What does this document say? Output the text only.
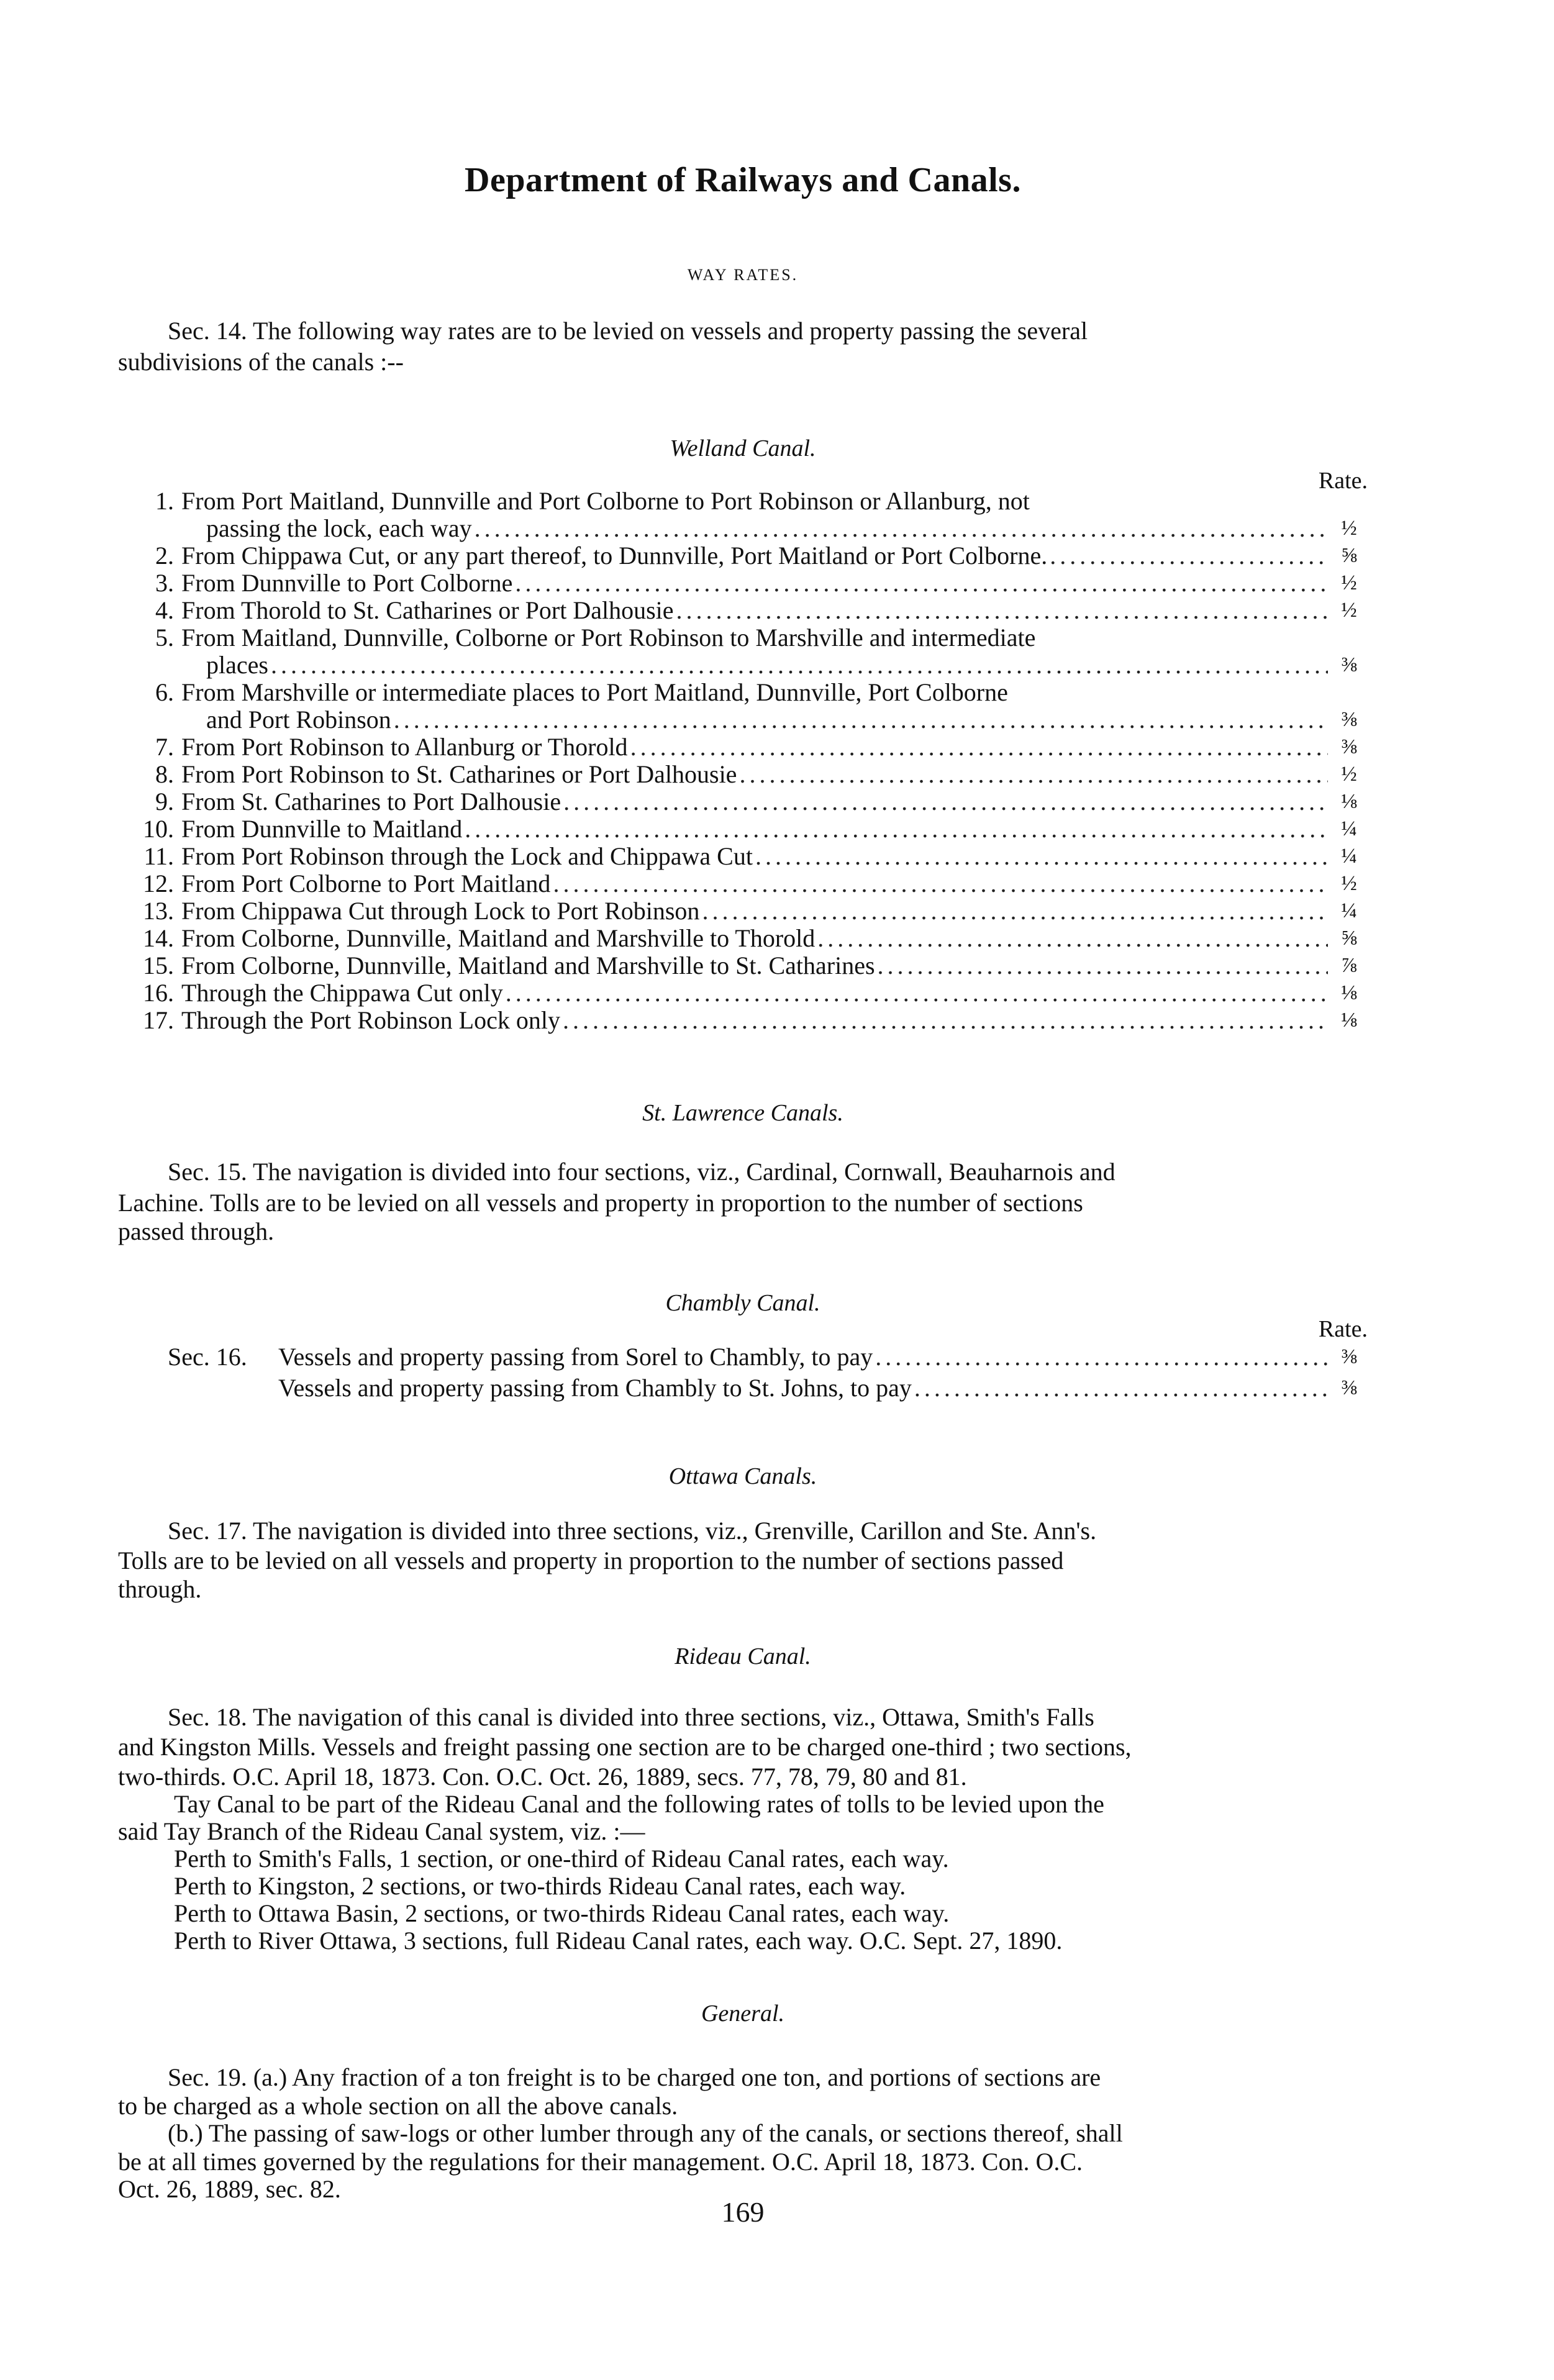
Department of Railways and Canals.
WAY RATES.
Sec. 14. The following way rates are to be levied on vessels and property passing the several
subdivisions of the canals :--
Welland Canal.
Rate.
1. From Port Maitland, Dunnville and Port Colborne to Port Robinson or Allanburg, not
passing the lock, each way .....	½
2. From Chippawa Cut, or any part thereof, to Dunnville, Port Maitland or Port Colborne. .....	⅝
3. From Dunnville to Port Colborne .....	½
4. From Thorold to St. Catharines or Port Dalhousie .....	½
5. From Maitland, Dunnville, Colborne or Port Robinson to Marshville and intermediate
places .....	⅜
6. From Marshville or intermediate places to Port Maitland, Dunnville, Port Colborne
and Port Robinson .....	⅜
7. From Port Robinson to Allanburg or Thorold .....	⅜
8. From Port Robinson to St. Catharines or Port Dalhousie .....	½
9. From St. Catharines to Port Dalhousie .....	⅛
10. From Dunnville to Maitland .....	¼
11. From Port Robinson through the Lock and Chippawa Cut .....	¼
12. From Port Colborne to Port Maitland .....	½
13. From Chippawa Cut through Lock to Port Robinson .....	¼
14. From Colborne, Dunnville, Maitland and Marshville to Thorold .....	⅝
15. From Colborne, Dunnville, Maitland and Marshville to St. Catharines .....	⅞
16. Through the Chippawa Cut only .....	⅛
17. Through the Port Robinson Lock only .....	⅛
St. Lawrence Canals.
Sec. 15. The navigation is divided into four sections, viz., Cardinal, Cornwall, Beauharnois and
Lachine. Tolls are to be levied on all vessels and property in proportion to the number of sections
passed through.
Chambly Canal.
Rate.
Sec. 16.	Vessels and property passing from Sorel to Chambly, to pay .....	⅜
Vessels and property passing from Chambly to St. Johns, to pay .....	⅜
Ottawa Canals.
Sec. 17. The navigation is divided into three sections, viz., Grenville, Carillon and Ste. Ann's.
Tolls are to be levied on all vessels and property in proportion to the number of sections passed
through.
Rideau Canal.
Sec. 18. The navigation of this canal is divided into three sections, viz., Ottawa, Smith's Falls
and Kingston Mills. Vessels and freight passing one section are to be charged one-third ; two sections,
two-thirds. O.C. April 18, 1873. Con. O.C. Oct. 26, 1889, secs. 77, 78, 79, 80 and 81.
Tay Canal to be part of the Rideau Canal and the following rates of tolls to be levied upon the
said Tay Branch of the Rideau Canal system, viz. :—
Perth to Smith's Falls, 1 section, or one-third of Rideau Canal rates, each way.
Perth to Kingston, 2 sections, or two-thirds Rideau Canal rates, each way.
Perth to Ottawa Basin, 2 sections, or two-thirds Rideau Canal rates, each way.
Perth to River Ottawa, 3 sections, full Rideau Canal rates, each way. O.C. Sept. 27, 1890.
General.
Sec. 19. (a.) Any fraction of a ton freight is to be charged one ton, and portions of sections are
to be charged as a whole section on all the above canals.
(b.) The passing of saw-logs or other lumber through any of the canals, or sections thereof, shall
be at all times governed by the regulations for their management. O.C. April 18, 1873. Con. O.C.
Oct. 26, 1889, sec. 82.
169
